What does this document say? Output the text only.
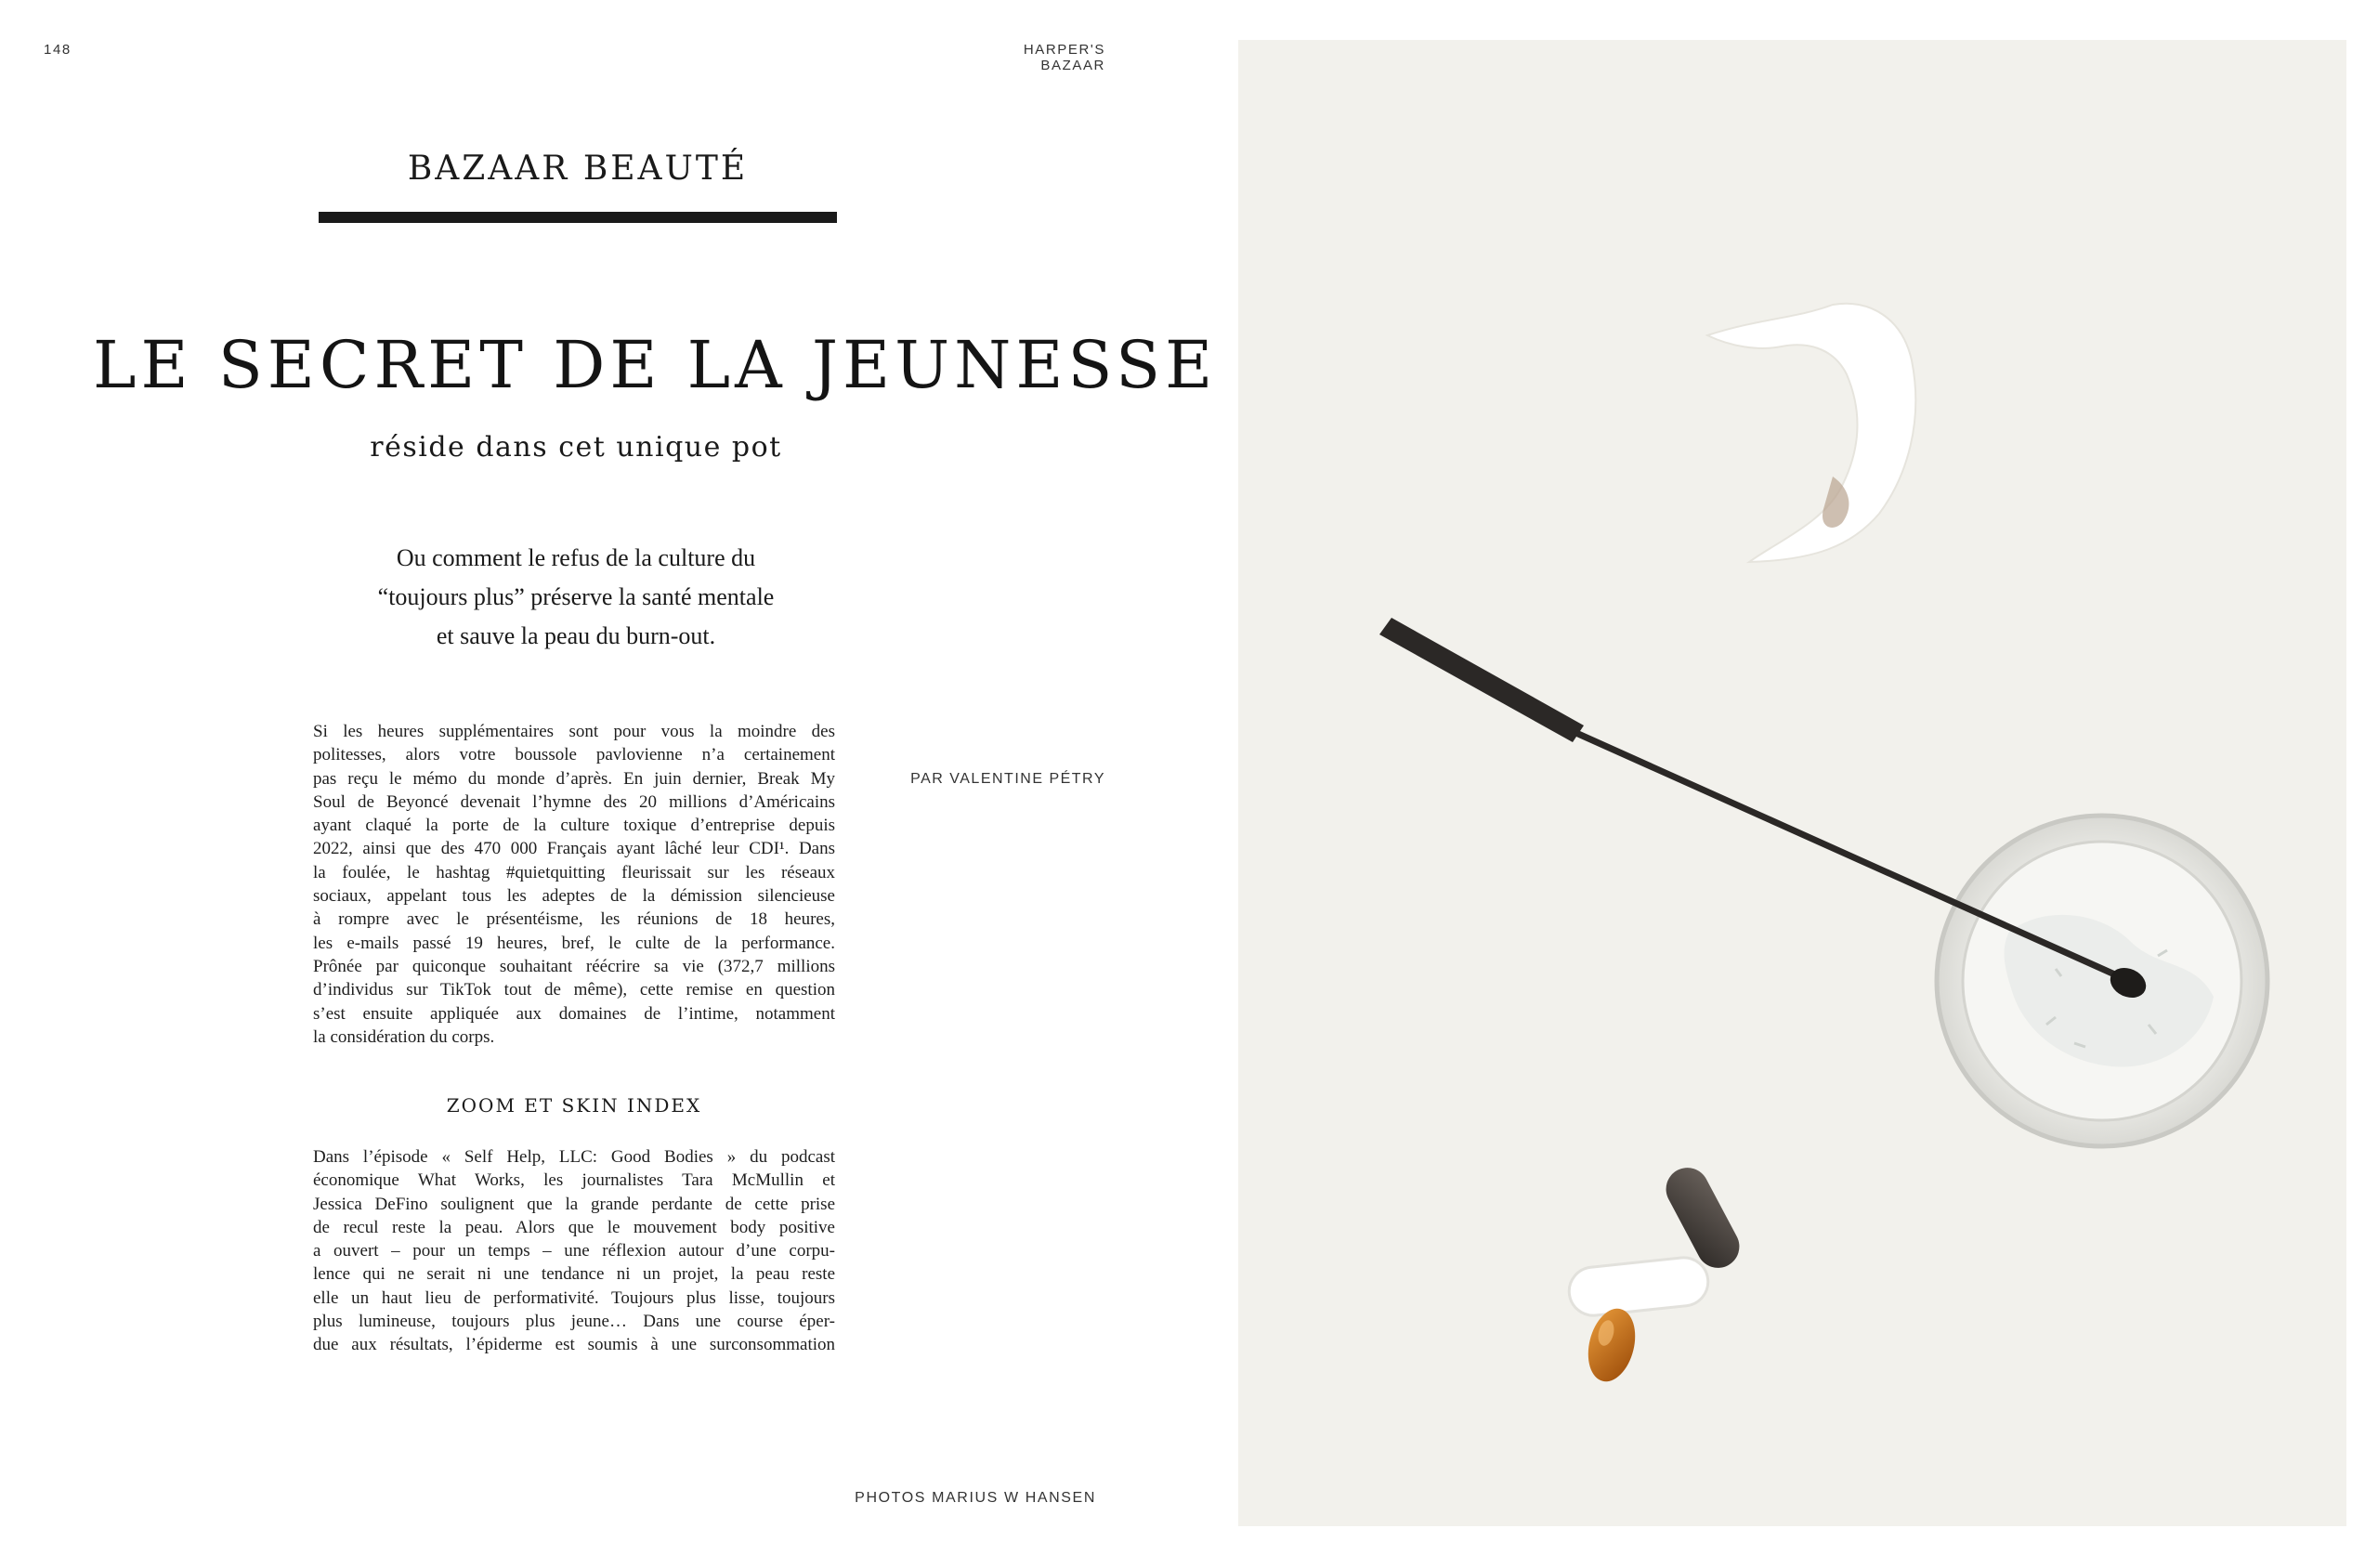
148	HARPER'S BAZAAR
BAZAAR BEAUTÉ
LE SECRET DE LA JEUNESSE
réside dans cet unique pot
Ou comment le refus de la culture du
“toujours plus” préserve la santé mentale
et sauve la peau du burn-out.
PAR VALENTINE PÉTRY
Si les heures supplémentaires sont pour vous la moindre des
politesses, alors votre boussole pavlovienne n’a certainement
pas reçu le mémo du monde d’après. En juin dernier, Break My
Soul de Beyoncé devenait l’hymne des 20 millions d’Américains
ayant claqué la porte de la culture toxique d’entreprise depuis
2022, ainsi que des 470 000 Français ayant lâché leur CDI¹. Dans
la foulée, le hashtag #quietquitting fleurissait sur les réseaux
sociaux, appelant tous les adeptes de la démission silencieuse
à rompre avec le présentéisme, les réunions de 18 heures,
les e-mails passé 19 heures, bref, le culte de la performance.
Prônée par quiconque souhaitant réécrire sa vie (372,7 millions
d’individus sur TikTok tout de même), cette remise en question
s’est ensuite appliquée aux domaines de l’intime, notamment
la considération du corps.
ZOOM ET SKIN INDEX
Dans l’épisode « Self Help, LLC: Good Bodies » du podcast
économique What Works, les journalistes Tara McMullin et
Jessica DeFino soulignent que la grande perdante de cette prise
de recul reste la peau. Alors que le mouvement body positive
a ouvert – pour un temps – une réflexion autour d’une corpu-
lence qui ne serait ni une tendance ni un projet, la peau reste
elle un haut lieu de performativité. Toujours plus lisse, toujours
plus lumineuse, toujours plus jeune… Dans une course éper-
due aux résultats, l’épiderme est soumis à une surconsommation
PHOTOS MARIUS W HANSEN
